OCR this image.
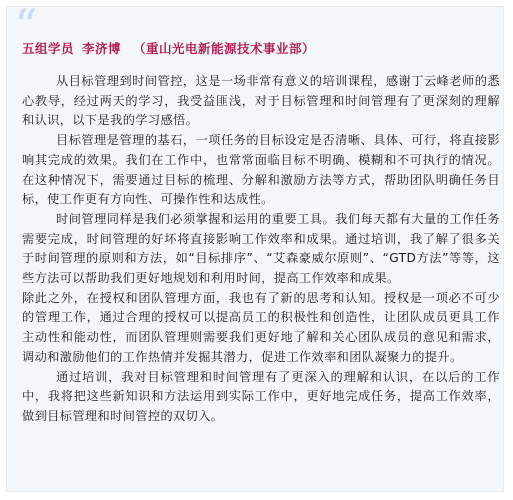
“
五组学员 李济博 （重山光电新能源技术事业部）

从目标管理到时间管控，这是一场非常有意义的培训课程，感谢丁云峰老师的悉心教导，经过两天的学习，我受益匪浅，对于目标管理和时间管理有了更深刻的理解和认识，以下是我的学习感悟。

目标管理是管理的基石，一项任务的目标设定是否清晰、具体、可行，将直接影响其完成的效果。我们在工作中，也常常面临目标不明确、模糊和不可执行的情况。在这种情况下，需要通过目标的梳理、分解和激励方法等方式，帮助团队明确任务目标，使工作更有方向性、可操作性和达成性。

时间管理同样是我们必须掌握和运用的重要工具。我们每天都有大量的工作任务需要完成，时间管理的好坏将直接影响工作效率和成果。通过培训，我了解了很多关于时间管理的原则和方法，如“目标排序”、“艾森豪威尔原则”、“GTD方法”等等，这些方法可以帮助我们更好地规划和利用时间，提高工作效率和成果。

除此之外，在授权和团队管理方面，我也有了新的思考和认知。授权是一项必不可少的管理工作，通过合理的授权可以提高员工的积极性和创造性，让团队成员更具工作主动性和能动性，而团队管理则需要我们更好地了解和关心团队成员的意见和需求，调动和激励他们的工作热情并发掘其潜力，促进工作效率和团队凝聚力的提升。

通过培训，我对目标管理和时间管理有了更深入的理解和认识，在以后的工作中，我将把这些新知识和方法运用到实际工作中，更好地完成任务，提高工作效率，做到目标管理和时间管控的双切入。
